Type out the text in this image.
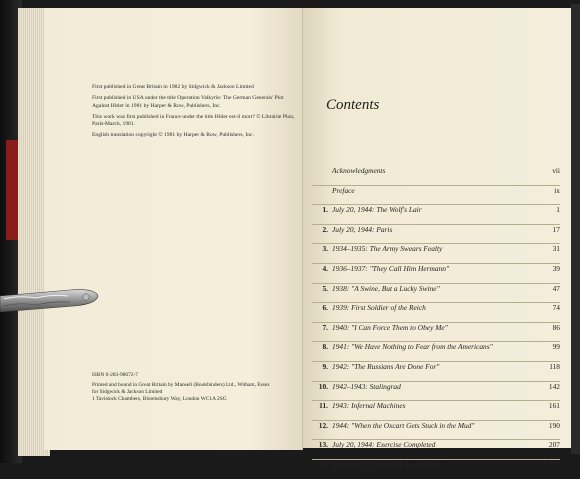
First published in Great Britain in 1982 by Sidgwick & Jackson Limited

First published in USA under the title Operation Valkyrie: The German Generals' Plot Against Hitler in 1981 by Harper & Row, Publishers, Inc.

This work was first published in France under the title Hitler est-il mort? © Librairie Plon, Paris-March, 1981.

English translation copyright © 1981 by Harper & Row, Publishers, Inc.

ISBN 0-283-98672-7
Printed and bound in Great Britain by Mansell (Bookbinders) Ltd., Witham, Essex
for Sidgwick & Jackson Limited
1 Tavistock Chambers, Bloomsbury Way, London WC1A 2SG
Contents
Acknowledgments	vii
Preface	ix
1. July 20, 1944: The Wolf's Lair	1
2. July 20, 1944: Paris	17
3. 1934–1935: The Army Swears Fealty	31
4. 1936–1937: "They Call Him Hermann"	39
5. 1938: "A Swine, But a Lucky Swine"	47
6. 1939: First Soldier of the Reich	74
7. 1940: "I Can Force Them to Obey Me"	86
8. 1941: "We Have Nothing to Fear from the Americans"	99
9. 1942: "The Russians Are Done For"	118
10. 1942–1943: Stalingrad	142
11. 1943: Infernal Machines	161
12. 1944: "When the Oxcart Gets Stuck in the Mud"	190
13. July 20, 1944: Exercise Completed	207
14. After July 20, 1944: The Last Knights	217
